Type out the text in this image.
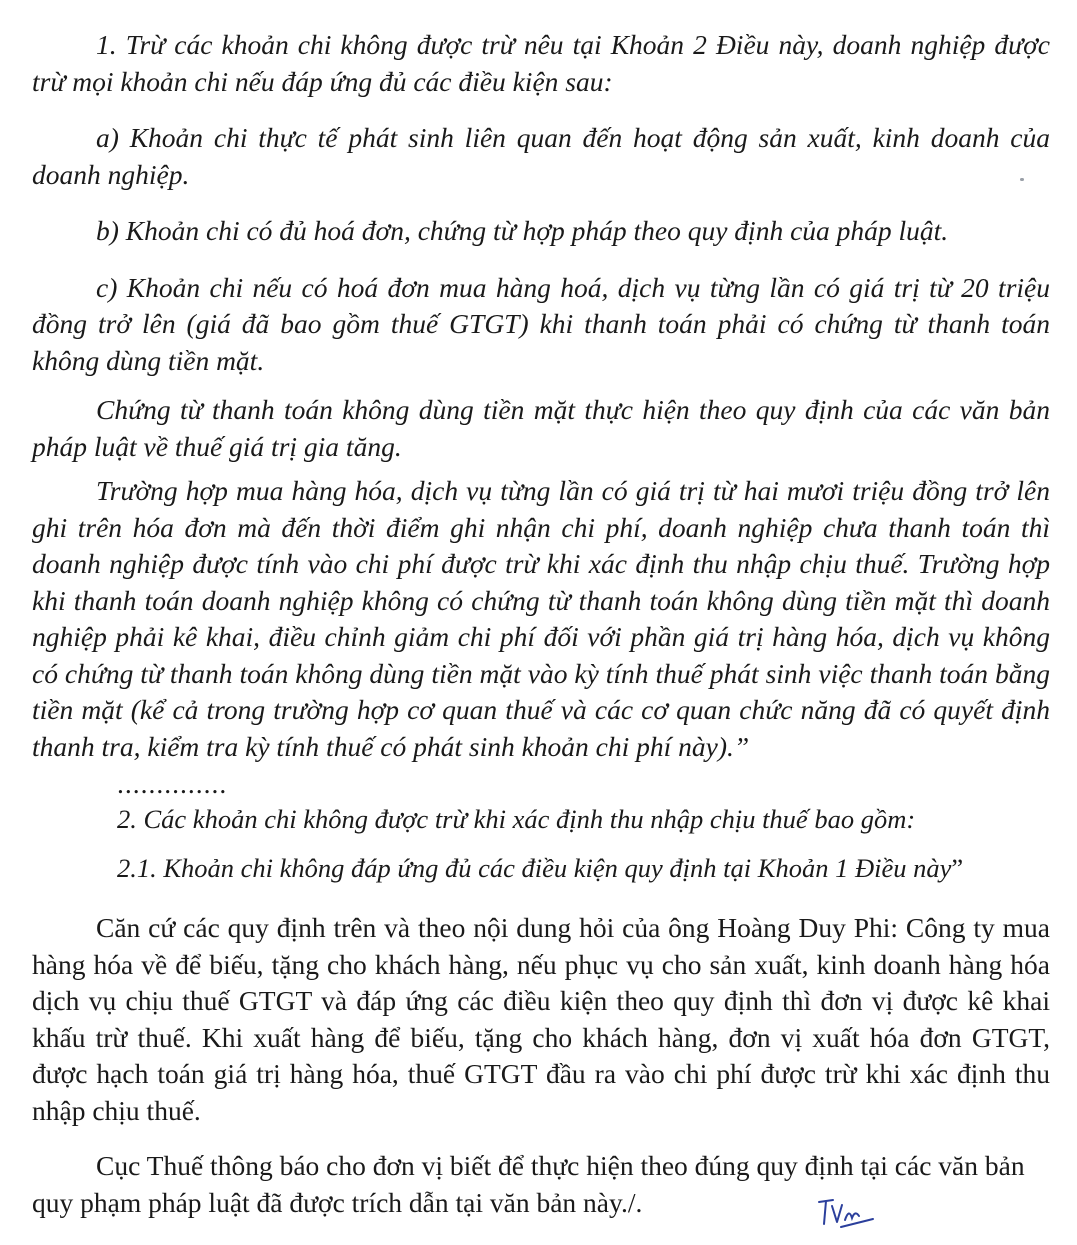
1. Trừ các khoản chi không được trừ nêu tại Khoản 2 Điều này, doanh nghiệp được trừ mọi khoản chi nếu đáp ứng đủ các điều kiện sau:

a) Khoản chi thực tế phát sinh liên quan đến hoạt động sản xuất, kinh doanh của doanh nghiệp.

b) Khoản chi có đủ hoá đơn, chứng từ hợp pháp theo quy định của pháp luật.

c) Khoản chi nếu có hoá đơn mua hàng hoá, dịch vụ từng lần có giá trị từ 20 triệu đồng trở lên (giá đã bao gồm thuế GTGT) khi thanh toán phải có chứng từ thanh toán không dùng tiền mặt.

Chứng từ thanh toán không dùng tiền mặt thực hiện theo quy định của các văn bản pháp luật về thuế giá trị gia tăng.

Trường hợp mua hàng hóa, dịch vụ từng lần có giá trị từ hai mươi triệu đồng trở lên ghi trên hóa đơn mà đến thời điểm ghi nhận chi phí, doanh nghiệp chưa thanh toán thì doanh nghiệp được tính vào chi phí được trừ khi xác định thu nhập chịu thuế. Trường hợp khi thanh toán doanh nghiệp không có chứng từ thanh toán không dùng tiền mặt thì doanh nghiệp phải kê khai, điều chỉnh giảm chi phí đối với phần giá trị hàng hóa, dịch vụ không có chứng từ thanh toán không dùng tiền mặt vào kỳ tính thuế phát sinh việc thanh toán bằng tiền mặt (kể cả trong trường hợp cơ quan thuế và các cơ quan chức năng đã có quyết định thanh tra, kiểm tra kỳ tính thuế có phát sinh khoản chi phí này).”

..............

2. Các khoản chi không được trừ khi xác định thu nhập chịu thuế bao gồm:

2.1. Khoản chi không đáp ứng đủ các điều kiện quy định tại Khoản 1 Điều này”

Căn cứ các quy định trên và theo nội dung hỏi của ông Hoàng Duy Phi: Công ty mua hàng hóa về để biếu, tặng cho khách hàng, nếu phục vụ cho sản xuất, kinh doanh hàng hóa dịch vụ chịu thuế GTGT và đáp ứng các điều kiện theo quy định thì đơn vị được kê khai khấu trừ thuế. Khi xuất hàng để biếu, tặng cho khách hàng, đơn vị xuất hóa đơn GTGT, được hạch toán giá trị hàng hóa, thuế GTGT đầu ra vào chi phí được trừ khi xác định thu nhập chịu thuế.

Cục Thuế thông báo cho đơn vị biết để thực hiện theo đúng quy định tại các văn bản quy phạm pháp luật đã được trích dẫn tại văn bản này./.
